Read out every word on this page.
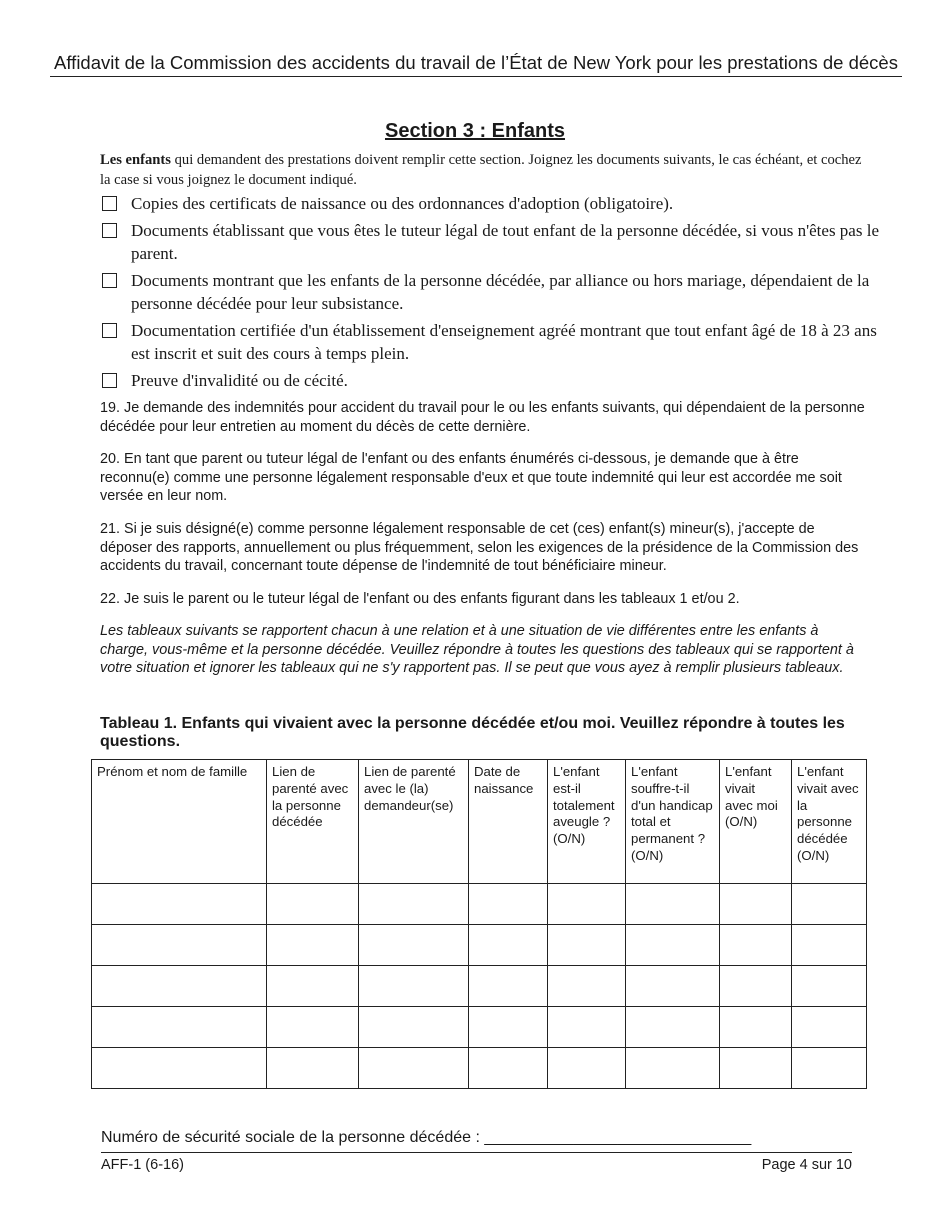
Affidavit de la Commission des accidents du travail de l’État de New York pour les prestations de décès
Section 3 : Enfants
Les enfants qui demandent des prestations doivent remplir cette section. Joignez les documents suivants, le cas échéant, et cochez la case si vous joignez le document indiqué.
Copies des certificats de naissance ou des ordonnances d'adoption (obligatoire).
Documents établissant que vous êtes le tuteur légal de tout enfant de la personne décédée, si vous n'êtes pas le parent.
Documents montrant que les enfants de la personne décédée, par alliance ou hors mariage, dépendaient de la personne décédée pour leur subsistance.
Documentation certifiée d'un établissement d'enseignement agréé montrant que tout enfant âgé de 18 à 23 ans est inscrit et suit des cours à temps plein.
Preuve d'invalidité ou de cécité.

19. Je demande des indemnités pour accident du travail pour le ou les enfants suivants, qui dépendaient de la personne décédée pour leur entretien au moment du décès de cette dernière.

20. En tant que parent ou tuteur légal de l'enfant ou des enfants énumérés ci-dessous, je demande que à être reconnu(e) comme une personne légalement responsable d'eux et que toute indemnité qui leur est accordée me soit versée en leur nom.

21. Si je suis désigné(e) comme personne légalement responsable de cet (ces) enfant(s) mineur(s), j'accepte de déposer des rapports, annuellement ou plus fréquemment, selon les exigences de la présidence de la Commission des accidents du travail, concernant toute dépense de l'indemnité de tout bénéficiaire mineur.

22. Je suis le parent ou le tuteur légal de l'enfant ou des enfants figurant dans les tableaux 1 et/ou 2.

Les tableaux suivants se rapportent chacun à une relation et à une situation de vie différentes entre les enfants à charge, vous-même et la personne décédée. Veuillez répondre à toutes les questions des tableaux qui se rapportent à votre situation et ignorer les tableaux qui ne s'y rapportent pas. Il se peut que vous ayez à remplir plusieurs tableaux.

Tableau 1. Enfants qui vivaient avec la personne décédée et/ou moi. Veuillez répondre à toutes les questions.
Prénom et nom de famille	Lien de parenté avec la personne décédée	Lien de parenté avec le (la) demandeur(se)	Date de naissance	L'enfant est-il totalement aveugle ? (O/N)	L'enfant souffre-t-il d'un handicap total et permanent ? (O/N)	L'enfant vivait avec moi (O/N)	L'enfant vivait avec la personne décédée (O/N)

Numéro de sécurité sociale de la personne décédée : ______________________________
AFF-1 (6-16)	Page 4 sur 10
